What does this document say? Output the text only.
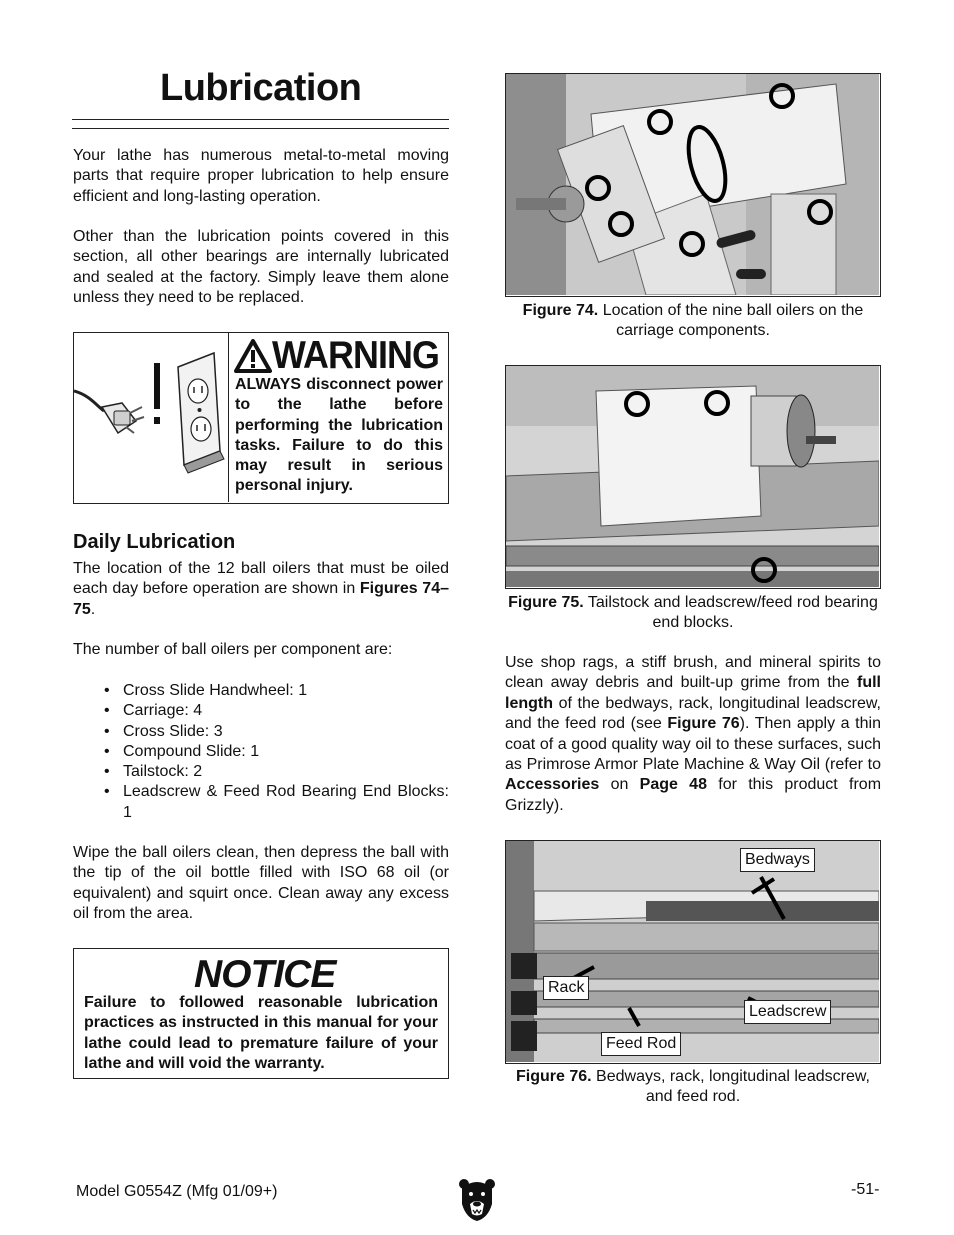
Lubrication

Your lathe has numerous metal-to-metal moving parts that require proper lubrication to help ensure efficient and long-lasting operation.

Other than the lubrication points covered in this section, all other bearings are internally lubricated and sealed at the factory. Simply leave them alone unless they need to be replaced.

WARNING

ALWAYS disconnect power to the lathe before performing the lubrication tasks. Failure to do this may result in serious personal injury.

Daily Lubrication

The location of the 12 ball oilers that must be oiled each day before operation are shown in Figures 74–75.

The number of ball oilers per component are:

• Cross Slide Handwheel: 1
• Carriage: 4
• Cross Slide: 3
• Compound Slide: 1
• Tailstock: 2
• Leadscrew & Feed Rod Bearing End Blocks: 1

Wipe the ball oilers clean, then depress the ball with the tip of the oil bottle filled with ISO 68 oil (or equivalent) and squirt once. Clean away any excess oil from the area.

NOTICE

Failure to followed reasonable lubrication practices as instructed in this manual for your lathe could lead to premature failure of your lathe and will void the warranty.

Figure 74. Location of the nine ball oilers on the carriage components.

Figure 75. Tailstock and leadscrew/feed rod bearing end blocks.

Use shop rags, a stiff brush, and mineral spirits to clean away debris and built-up grime from the full length of the bedways, rack, longitudinal leadscrew, and the feed rod (see Figure 76). Then apply a thin coat of a good quality way oil to these surfaces, such as Primrose Armor Plate Machine & Way Oil (refer to Accessories on Page 48 for this product from Grizzly).

Bedways
Rack
Leadscrew
Feed Rod

Figure 76. Bedways, rack, longitudinal leadscrew, and feed rod.

Model G0554Z (Mfg 01/09+)	-51-
